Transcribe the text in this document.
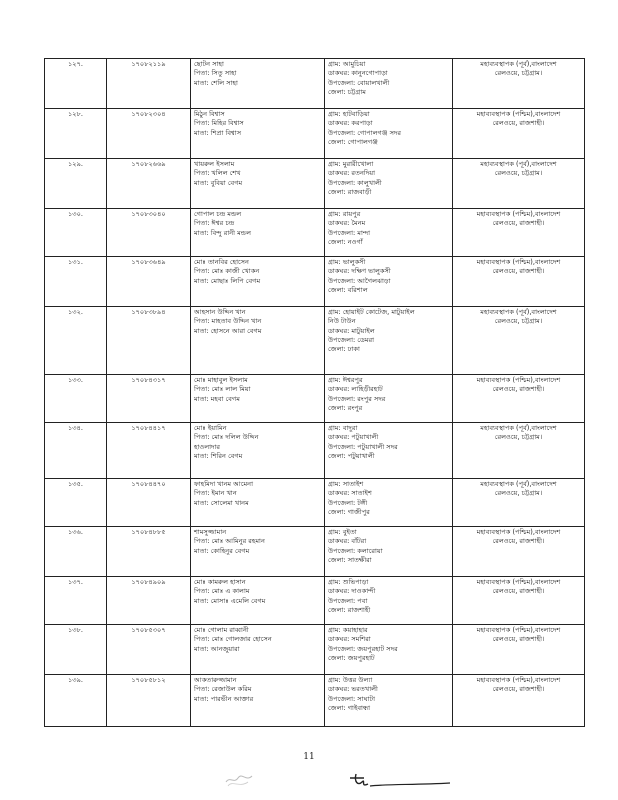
১২৭.	১৭০৮২১১৯	ছোটন সাহা
পিতা: সিতু সাহা
মাতা: শেলি সাহা	গ্রাম: আমুচিয়া
ডাকঘর: কানুনগোপাড়া
উপজেলা: বোয়ালখালী
জেলা: চট্টগ্রাম	মহাব্যবস্থাপক (পূর্ব),বাংলাদেশ
রেলওয়ে, চট্টগ্রাম।

১২৮.	১৭০৮২৩০৪	মিঠুন বিশ্বাস
পিতা: মিহির বিশ্বাস
মাতা: শিপ্রা বিশ্বাস	গ্রাম: হাটবাড়িয়া
ডাকঘর: করপাড়া
উপজেলা: গোপালগঞ্জ সদর
জেলা: গোপালগঞ্জ	মহাব্যবস্থাপক (পশ্চিম),বাংলাদেশ
রেলওয়ে, রাজশাহী।

১২৯.	১৭০৮২৬৬৯	খায়রুল ইসলাম
পিতা: খলিল শেখ
মাতা: বুবিয়া বেগম	গ্রাম: মুরারীখোলা
ডাকঘর: রতনদিয়া
উপজেলা: কালুখালী
জেলা: রাজবাড়ী	মহাব্যবস্থাপক (পূর্ব),বাংলাদেশ
রেলওয়ে, চট্টগ্রাম।

১৩০.	১৭০৮৩০৪০	গোপাল চন্দ্র মন্ডল
পিতা: ঈশ্বর চন্দ্র
মাতা: বিন্দু রানী মন্ডল	গ্রাম: রায়পুর
ডাকঘর: মৈনম
উপজেলা: মান্দা
জেলা: নওগাঁ	মহাব্যবস্থাপক (পশ্চিম),বাংলাদেশ
রেলওয়ে, রাজশাহী।

১৩১.	১৭০৮৩৬৪৯	মোঃ তানবির হোসেন
পিতা: মোঃ কাজী খোকন
মাতা: মোছাঃ লিপি বেগম	গ্রাম: ভালুকসী
ডাকঘর: দক্ষিণ ভালুকসী
উপজেলা: আগৈলঝাড়া
জেলা: বরিশাল	মহাব্যবস্থাপক (পশ্চিম),বাংলাদেশ
রেলওয়ে, রাজশাহী।

১৩২.	১৭০৮৩৮৯৪	আহসান উদ্দিন খান
পিতা: মাহতাব উদ্দিন খান
মাতা: হোসনে আরা বেগম	গ্রাম: হোয়াইট কোটেজ, মাটুয়াইল
নিউ টাউন
ডাকঘর: মাটুয়াইল
উপজেলা: ডেমরা
জেলা: ঢাকা	মহাব্যবস্থাপক (পূর্ব),বাংলাদেশ
রেলওয়ে, চট্টগ্রাম।

১৩৩.	১৭০৮৪৩১৭	মোঃ মাহাবুল ইসলাম
পিতা: মোঃ লাল মিয়া
মাতা: মহবা বেগম	গ্রাম: ঈশ্বরপুর
ডাকঘর: লাহিড়ীরহাট
উপজেলা: রংপুর সদর
জেলা: রংপুর	মহাব্যবস্থাপক (পশ্চিম),বাংলাদেশ
রেলওয়ে, রাজশাহী।

১৩৪.	১৭০৮৪৪১৭	মোঃ ইয়ামিন
পিতা: মোঃ দলিল উদ্দিন
হাওলাদার
মাতা: শিরিন বেগম	গ্রাম: বাদুরা
ডাকঘর: পটুয়াখালী
উপজেলা: পটুয়াখালী সদর
জেলা: পটুয়াখালী	মহাব্যবস্থাপক (পূর্ব),বাংলাদেশ
রেলওয়ে, চট্টগ্রাম।

১৩৫.	১৭০৮৪৪৭০	ফাহমিদা খানম আমেনা
পিতা: ইমান খান
মাতা: সোলেমা খানম	গ্রাম: সাতাইশ
ডাকঘর: সাতাইশ
উপজেলা: টঙ্গী
জেলা: গাজীপুর	মহাব্যবস্থাপক (পূর্ব),বাংলাদেশ
রেলওয়ে, চট্টগ্রাম।

১৩৬.	১৭০৮৪৮৮৫	শামসুজ্জামান
পিতা: মোঃ আমিনুর রহমান
মাতা: কোহিনুর বেগম	গ্রাম: বুইতা
ডাকঘর: বাঁটরা
উপজেলা: কলারোয়া
জেলা: সাতক্ষীরা	মহাব্যবস্থাপক (পশ্চিম),বাংলাদেশ
রেলওয়ে, রাজশাহী।

১৩৭.	১৭০৮৪৯০৯	মোঃ কামরুল হাসান
পিতা: মোঃ এ কালাম
মাতা: মোসাঃ এমেলি বেগম	গ্রাম: শুভিপাড়া
ডাকঘর: দাওকান্দী
উপজেলা: পবা
জেলা: রাজশাহী	মহাব্যবস্থাপক (পশ্চিম),বাংলাদেশ
রেলওয়ে, রাজশাহী।

১৩৮.	১৭০৮৫৩০৭	মোঃ গোলাম রাব্বানী
পিতা: মোঃ গোলজার হোসেন
মাতা: আনজুয়ারা	গ্রাম: কয়াহাহার
ডাকঘর: সমশিরা
উপজেলা: জয়পুরহাট সদর
জেলা: জয়পুরহাট	মহাব্যবস্থাপক (পশ্চিম),বাংলাদেশ
রেলওয়ে, রাজশাহী।

১৩৯.	১৭০৮৫৮১২	আকতারুজ্জামান
পিতা: রেজাউল করিম
মাতা: পারভীন আক্তার	গ্রাম: উত্তর উল্যা
ডাকঘর: ভরতখালী
উপজেলা: সাঘাটা
জেলা: গাইবান্ধা	মহাব্যবস্থাপক (পশ্চিম),বাংলাদেশ
রেলওয়ে, রাজশাহী।
11
